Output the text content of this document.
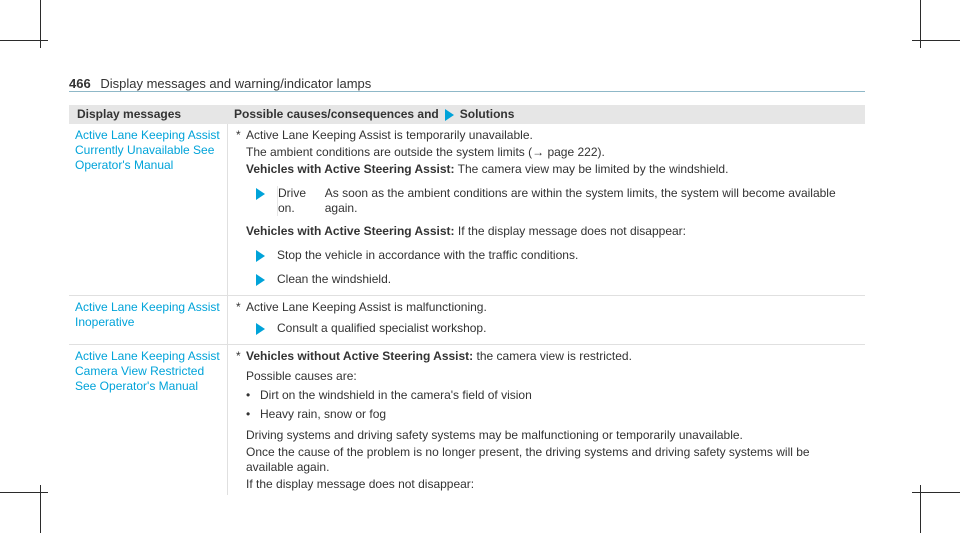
466 Display messages and warning/indicator lamps
Display messages	Possible causes/consequences and Solutions
Active Lane Keeping Assist
Currently Unavailable See
Operator's Manual
* Active Lane Keeping Assist is temporarily unavailable.
The ambient conditions are outside the system limits (→ page 222).
Vehicles with Active Steering Assist: The camera view may be limited by the windshield.
Drive on.
As soon as the ambient conditions are within the system limits, the system will become available again.
Vehicles with Active Steering Assist: If the display message does not disappear:
Stop the vehicle in accordance with the traffic conditions.
Clean the windshield.
Active Lane Keeping Assist
Inoperative
* Active Lane Keeping Assist is malfunctioning.
Consult a qualified specialist workshop.
Active Lane Keeping Assist
Camera View Restricted
See Operator's Manual
* Vehicles without Active Steering Assist: the camera view is restricted.
Possible causes are:
• Dirt on the windshield in the camera's field of vision
• Heavy rain, snow or fog
Driving systems and driving safety systems may be malfunctioning or temporarily unavailable.
Once the cause of the problem is no longer present, the driving systems and driving safety systems will be available again.
If the display message does not disappear:
